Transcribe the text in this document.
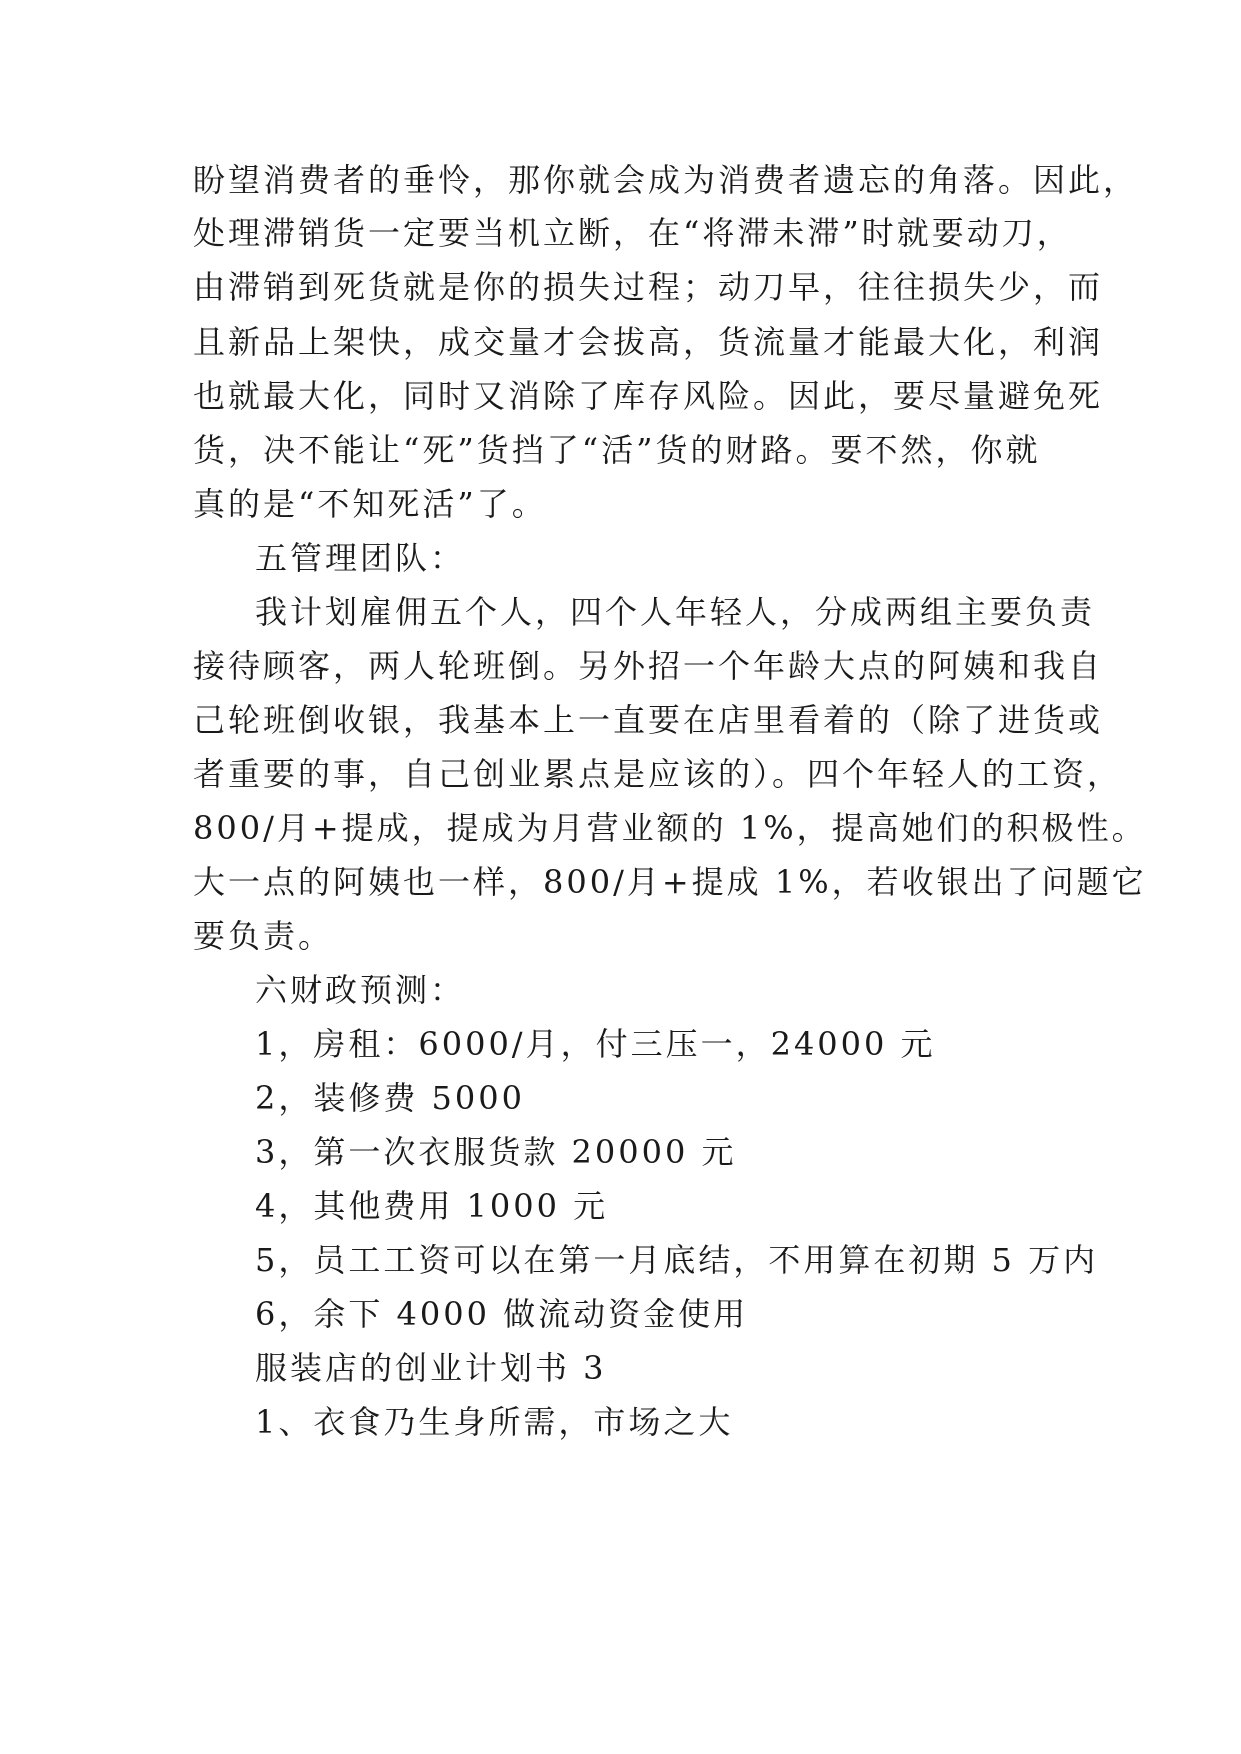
盼望消费者的垂怜，那你就会成为消费者遗忘的角落。因此，
处理滞销货一定要当机立断，在“将滞未滞”时就要动刀，
由滞销到死货就是你的损失过程；动刀早，往往损失少，而
且新品上架快，成交量才会拔高，货流量才能最大化，利润
也就最大化，同时又消除了库存风险。因此，要尽量避免死
货，决不能让“死”货挡了“活”货的财路。要不然，你就
真的是“不知死活”了。
五管理团队：
我计划雇佣五个人，四个人年轻人，分成两组主要负责
接待顾客，两人轮班倒。另外招一个年龄大点的阿姨和我自
己轮班倒收银，我基本上一直要在店里看着的（除了进货或
者重要的事，自己创业累点是应该的）。四个年轻人的工资，
800/月+提成，提成为月营业额的 1%，提高她们的积极性。
大一点的阿姨也一样，800/月+提成 1%，若收银出了问题它
要负责。
六财政预测：
1，房租：6000/月，付三压一，24000 元
2，装修费 5000
3，第一次衣服货款 20000 元
4，其他费用 1000 元
5，员工工资可以在第一月底结，不用算在初期 5 万内
6，余下 4000 做流动资金使用
服装店的创业计划书 3
1、衣食乃生身所需，市场之大
